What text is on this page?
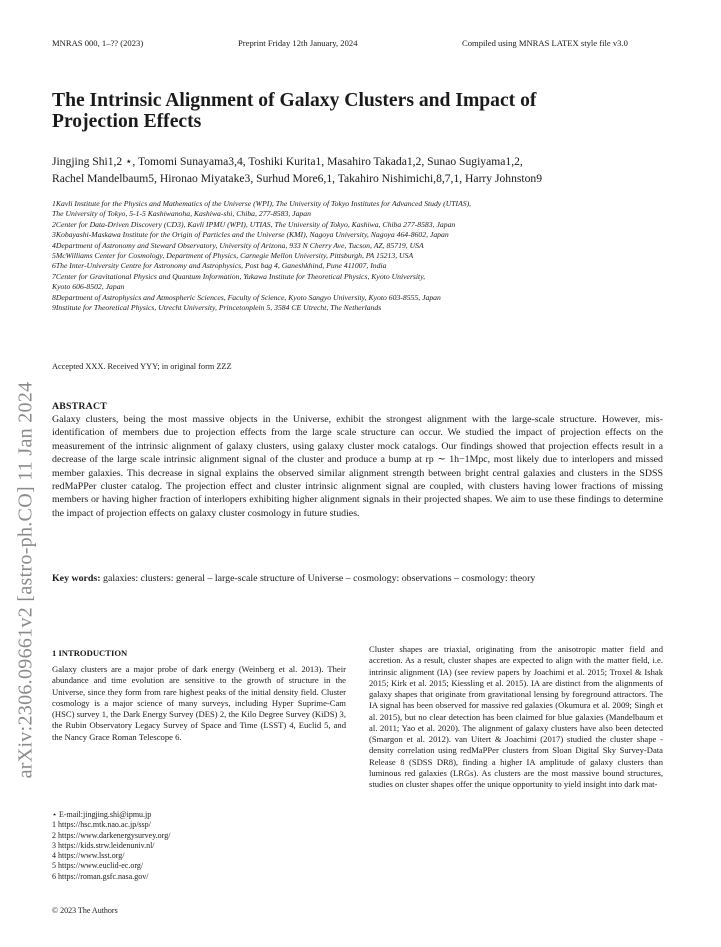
MNRAS 000, 1–?? (2023)	Preprint Friday 12th January, 2024	Compiled using MNRAS LATEX style file v3.0
arXiv:2306.09661v2 [astro-ph.CO] 11 Jan 2024
The Intrinsic Alignment of Galaxy Clusters and Impact of
Projection Effects
Jingjing Shi1,2 ⋆, Tomomi Sunayama3,4, Toshiki Kurita1, Masahiro Takada1,2, Sunao Sugiyama1,2,
Rachel Mandelbaum5, Hironao Miyatake3, Surhud More6,1, Takahiro Nishimichi,8,7,1, Harry Johnston9
1Kavli Institute for the Physics and Mathematics of the Universe (WPI), The University of Tokyo Institutes for Advanced Study (UTIAS),
The University of Tokyo, 5-1-5 Kashiwanoha, Kashiwa-shi, Chiba, 277-8583, Japan
2Center for Data-Driven Discovery (CD3), Kavli IPMU (WPI), UTIAS, The University of Tokyo, Kashiwa, Chiba 277-8583, Japan
3Kobayashi-Maskawa Institute for the Origin of Particles and the Universe (KMI), Nagoya University, Nagoya 464-8602, Japan
4Department of Astronomy and Steward Observatory, University of Arizona, 933 N Cherry Ave, Tucson, AZ, 85719, USA
5McWilliams Center for Cosmology, Department of Physics, Carnegie Mellon University, Pittsburgh, PA 15213, USA
6The Inter-University Centre for Astronomy and Astrophysics, Post bag 4, Ganeshkhind, Pune 411007, India
7Center for Gravitational Physics and Quantum Information, Yukawa Institute for Theoretical Physics, Kyoto University,
Kyoto 606-8502, Japan
8Department of Astrophysics and Atmospheric Sciences, Faculty of Science, Kyoto Sangyo University, Kyoto 603-8555, Japan
9Institute for Theoretical Physics, Utrecht University, Princetonplein 5, 3584 CE Utrecht, The Netherlands
Accepted XXX. Received YYY; in original form ZZZ
ABSTRACT
Galaxy clusters, being the most massive objects in the Universe, exhibit the strongest alignment with the large-scale structure. However, mis-identification of members due to projection effects from the large scale structure can occur. We studied the impact of projection effects on the measurement of the intrinsic alignment of galaxy clusters, using galaxy cluster mock catalogs. Our findings showed that projection effects result in a decrease of the large scale intrinsic alignment signal of the cluster and produce a bump at rp ∼ 1h−1Mpc, most likely due to interlopers and missed member galaxies. This decrease in signal explains the observed similar alignment strength between bright central galaxies and clusters in the SDSS redMaPPer cluster catalog. The projection effect and cluster intrinsic alignment signal are coupled, with clusters having lower fractions of missing members or having higher fraction of interlopers exhibiting higher alignment signals in their projected shapes. We aim to use these findings to determine the impact of projection effects on galaxy cluster cosmology in future studies.
Key words: galaxies: clusters: general – large-scale structure of Universe – cosmology: observations – cosmology: theory
1 INTRODUCTION
Galaxy clusters are a major probe of dark energy (Weinberg et al. 2013). Their abundance and time evolution are sensitive to the growth of structure in the Universe, since they form from rare highest peaks of the initial density field. Cluster cosmology is a major science of many surveys, including Hyper Suprime-Cam (HSC) survey 1, the Dark Energy Survey (DES) 2, the Kilo Degree Survey (KiDS) 3, the Rubin Observatory Legacy Survey of Space and Time (LSST) 4, Euclid 5, and the Nancy Grace Roman Telescope 6.
⋆ E-mail:jingjing.shi@ipmu.jp
1 https://hsc.mtk.nao.ac.jp/ssp/
2 https://www.darkenergysurvey.org/
3 https://kids.strw.leidenuniv.nl/
4 https://www.lsst.org/
5 https://www.euclid-ec.org/
6 https://roman.gsfc.nasa.gov/
Cluster shapes are triaxial, originating from the anisotropic matter field and accretion. As a result, cluster shapes are expected to align with the matter field, i.e. intrinsic alignment (IA) (see review papers by Joachimi et al. 2015; Troxel & Ishak 2015; Kirk et al. 2015; Kiessling et al. 2015). IA are distinct from the alignments of galaxy shapes that originate from gravitational lensing by foreground attractors. The IA signal has been observed for massive red galaxies (Okumura et al. 2009; Singh et al. 2015), but no clear detection has been claimed for blue galaxies (Mandelbaum et al. 2011; Yao et al. 2020). The alignment of galaxy clusters have also been detected (Smargon et al. 2012). van Uitert & Joachimi (2017) studied the cluster shape - density correlation using redMaPPer clusters from Sloan Digital Sky Survey-Data Release 8 (SDSS DR8), finding a higher IA amplitude of galaxy clusters than luminous red galaxies (LRGs). As clusters are the most massive bound structures, studies on cluster shapes offer the unique opportunity to yield insight into dark mat-
© 2023 The Authors
